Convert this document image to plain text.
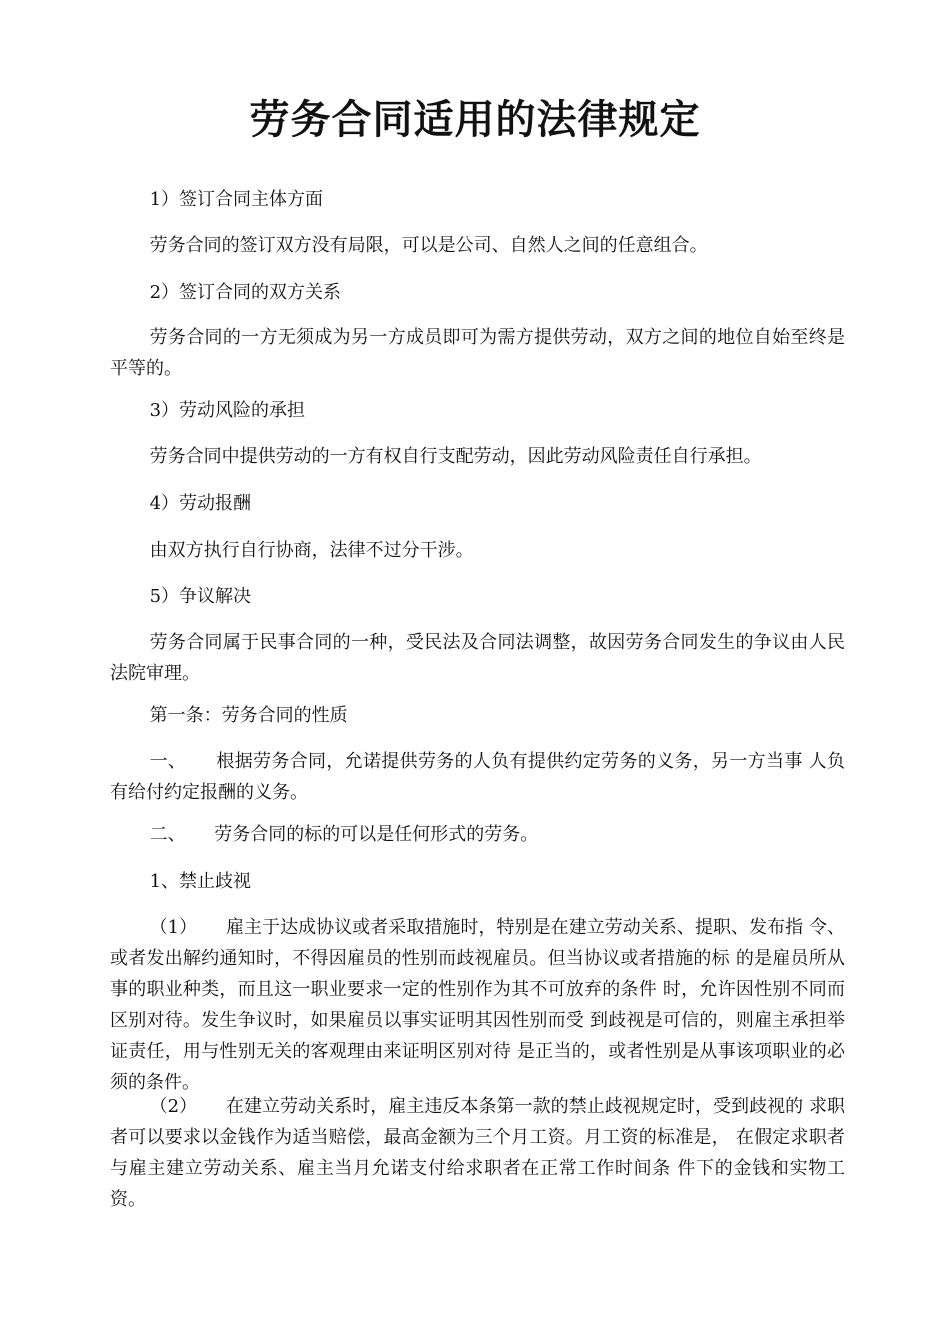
劳务合同适用的法律规定
1）签订合同主体方面
劳务合同的签订双方没有局限，可以是公司、自然人之间的任意组合。
2）签订合同的双方关系
劳务合同的一方无须成为另一方成员即可为需方提供劳动，双方之间的地位自始至终是平等的。
3）劳动风险的承担
劳务合同中提供劳动的一方有权自行支配劳动，因此劳动风险责任自行承担。
4）劳动报酬
由双方执行自行协商，法律不过分干涉。
5）争议解决
劳务合同属于民事合同的一种，受民法及合同法调整，故因劳务合同发生的争议由人民法院审理。
第一条：劳务合同的性质
一、     根据劳务合同，允诺提供劳务的人负有提供约定劳务的义务，另一方当事 人负有给付约定报酬的义务。
二、     劳务合同的标的可以是任何形式的劳务。
1、禁止歧视
（1）     雇主于达成协议或者采取措施时，特别是在建立劳动关系、提职、发布指 令、或者发出解约通知时，不得因雇员的性别而歧视雇员。但当协议或者措施的标 的是雇员所从事的职业种类，而且这一职业要求一定的性别作为其不可放弃的条件 时，允许因性别不同而区别对待。发生争议时，如果雇员以事实证明其因性别而受 到歧视是可信的，则雇主承担举证责任，用与性别无关的客观理由来证明区别对待 是正当的，或者性别是从事该项职业的必须的条件。
（2）     在建立劳动关系时，雇主违反本条第一款的禁止歧视规定时，受到歧视的 求职者可以要求以金钱作为适当赔偿，最高金额为三个月工资。月工资的标准是， 在假定求职者与雇主建立劳动关系、雇主当月允诺支付给求职者在正常工作时间条 件下的金钱和实物工资。
